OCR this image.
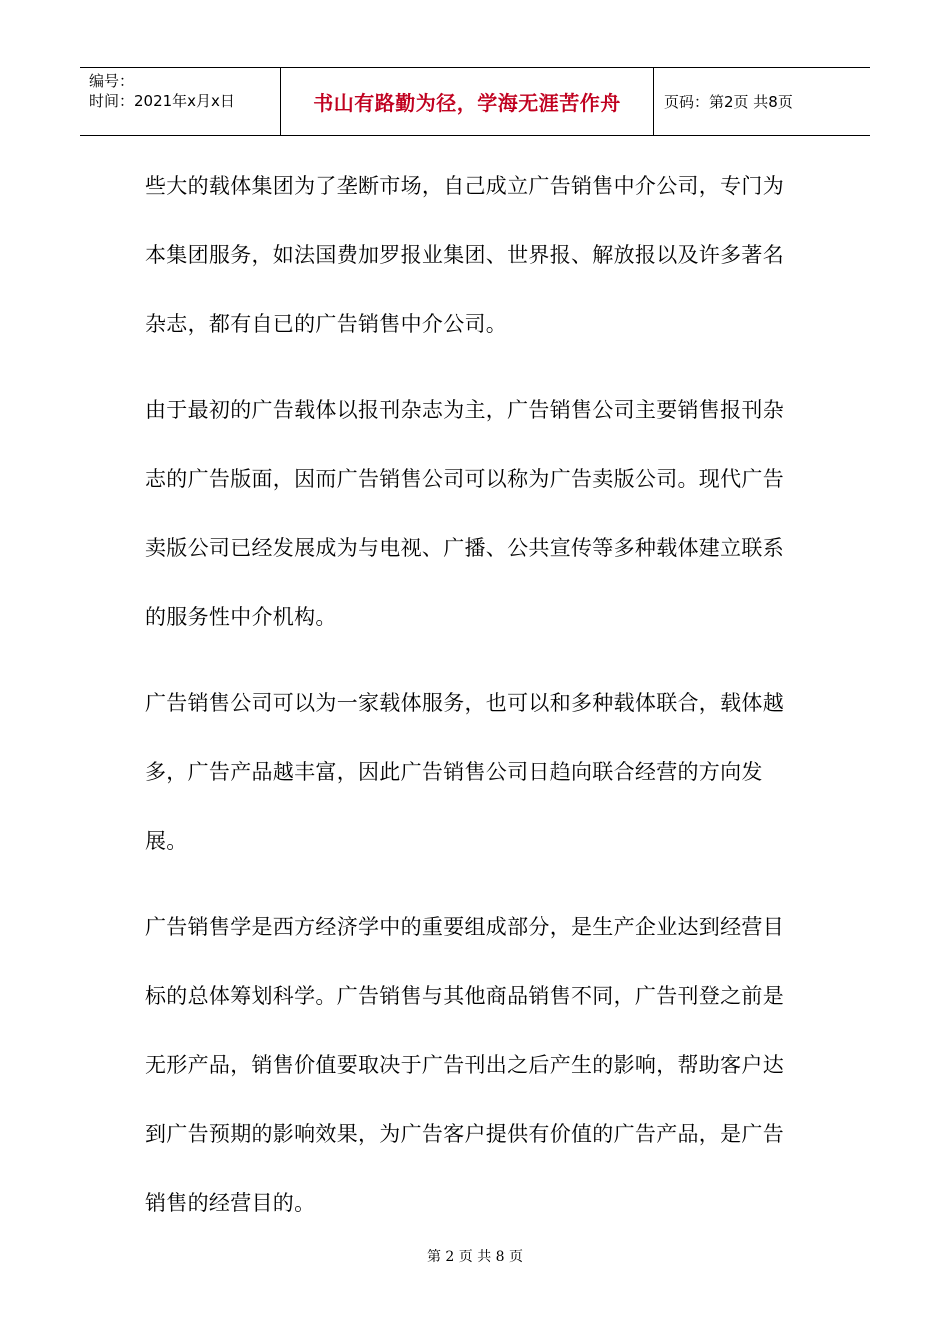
编号：
时间：2021年x月x日	书山有路勤为径，学海无涯苦作舟	页码：第2页 共8页

些大的载体集团为了垄断市场，自己成立广告销售中介公司，专门为本集团服务，如法国费加罗报业集团、世界报、解放报以及许多著名杂志，都有自已的广告销售中介公司。

由于最初的广告载体以报刊杂志为主，广告销售公司主要销售报刊杂志的广告版面，因而广告销售公司可以称为广告卖版公司。现代广告卖版公司已经发展成为与电视、广播、公共宣传等多种载体建立联系的服务性中介机构。

广告销售公司可以为一家载体服务，也可以和多种载体联合，载体越多，广告产品越丰富，因此广告销售公司日趋向联合经营的方向发展。

广告销售学是西方经济学中的重要组成部分，是生产企业达到经营目标的总体筹划科学。广告销售与其他商品销售不同，广告刊登之前是无形产品，销售价值要取决于广告刊出之后产生的影响，帮助客户达到广告预期的影响效果，为广告客户提供有价值的广告产品，是广告销售的经营目的。

第 2 页 共 8 页
